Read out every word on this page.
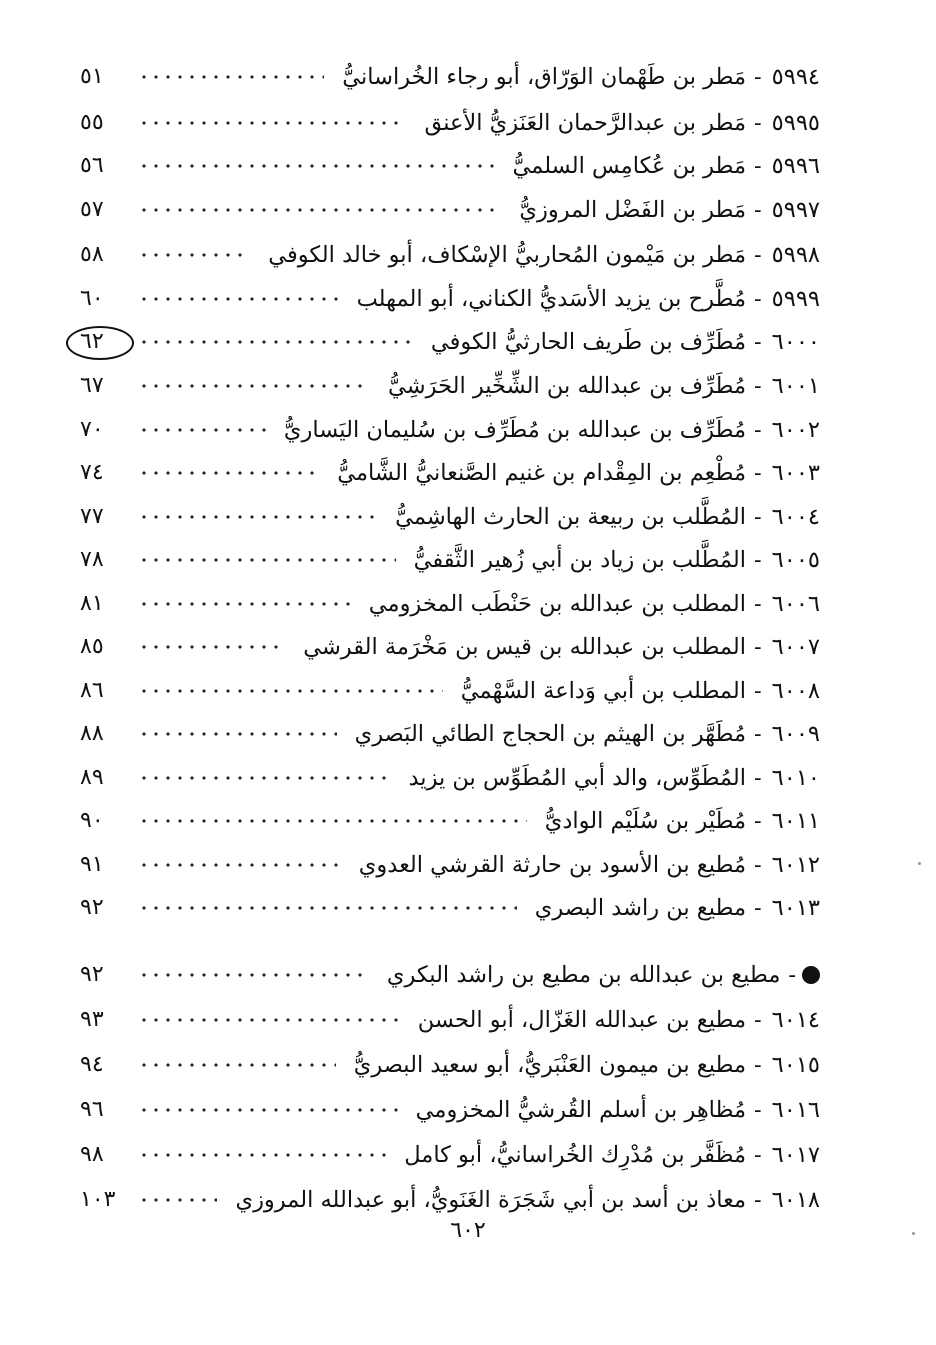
٥٩٩٤
-
مَطر بن طَهْمان الوَرّاق، أبو رجاء الخُراسانيُّ
٥١
٥٩٩٥
-
مَطر بن عبدالرَّحمان العَنَزيُّ الأعنق
٥٥
٥٩٩٦
-
مَطر بن عُكامِس السلميُّ
٥٦
٥٩٩٧
-
مَطر بن الفَضْل المروزيُّ
٥٧
٥٩٩٨
-
مَطر بن مَيْمون المُحاربيُّ الإسْكاف، أبو خالد الكوفي
٥٨
٥٩٩٩
-
مُطَّرح بن يزيد الأسَديُّ الكناني، أبو المهلب
٦٠
٦٠٠٠
-
مُطَرِّف بن طَريف الحارثيُّ الكوفي
٦٢
٦٠٠١
-
مُطَرِّف بن عبدالله بن الشِّخِّير الحَرَشِيُّ
٦٧
٦٠٠٢
-
مُطَرِّف بن عبدالله بن مُطَرِّف بن سُليمان اليَساريُّ
٧٠
٦٠٠٣
-
مُطْعِم بن المِقْدام بن غنيم الصَّنعانيُّ الشَّاميُّ
٧٤
٦٠٠٤
-
المُطَّلب بن ربيعة بن الحارث الهاشِميُّ
٧٧
٦٠٠٥
-
المُطَّلب بن زياد بن أبي زُهير الثَّقفيُّ
٧٨
٦٠٠٦
-
المطلب بن عبدالله بن حَنْطَب المخزومي
٨١
٦٠٠٧
-
المطلب بن عبدالله بن قيس بن مَخْرَمة القرشي
٨٥
٦٠٠٨
-
المطلب بن أبي وَداعة السَّهْميُّ
٨٦
٦٠٠٩
-
مُطَهَّر بن الهيثم بن الحجاج الطائي البَصري
٨٨
٦٠١٠
-
المُطَوِّس، والد أبي المُطَوِّس بن يزيد
٨٩
٦٠١١
-
مُطَيْر بن سُلَيْم الواديُّ
٩٠
٦٠١٢
-
مُطيع بن الأسود بن حارثة القرشي العدوي
٩١
٦٠١٣
-
مطيع بن راشد البصري
٩٢
-
مطيع بن عبدالله بن مطيع بن راشد البكري
٩٢
٦٠١٤
-
مطيع بن عبدالله الغَزّال، أبو الحسن
٩٣
٦٠١٥
-
مطيع بن ميمون العَنْبَريُّ، أبو سعيد البصريُّ
٩٤
٦٠١٦
-
مُظاهِر بن أسلم القُرشيُّ المخزومي
٩٦
٦٠١٧
-
مُظَفَّر بن مُدْرِك الخُراسانيُّ، أبو كامل
٩٨
٦٠١٨
-
معاذ بن أسد بن أبي شَجَرَة الغَنَويُّ، أبو عبدالله المروزي
١٠٣
٦٠٢
